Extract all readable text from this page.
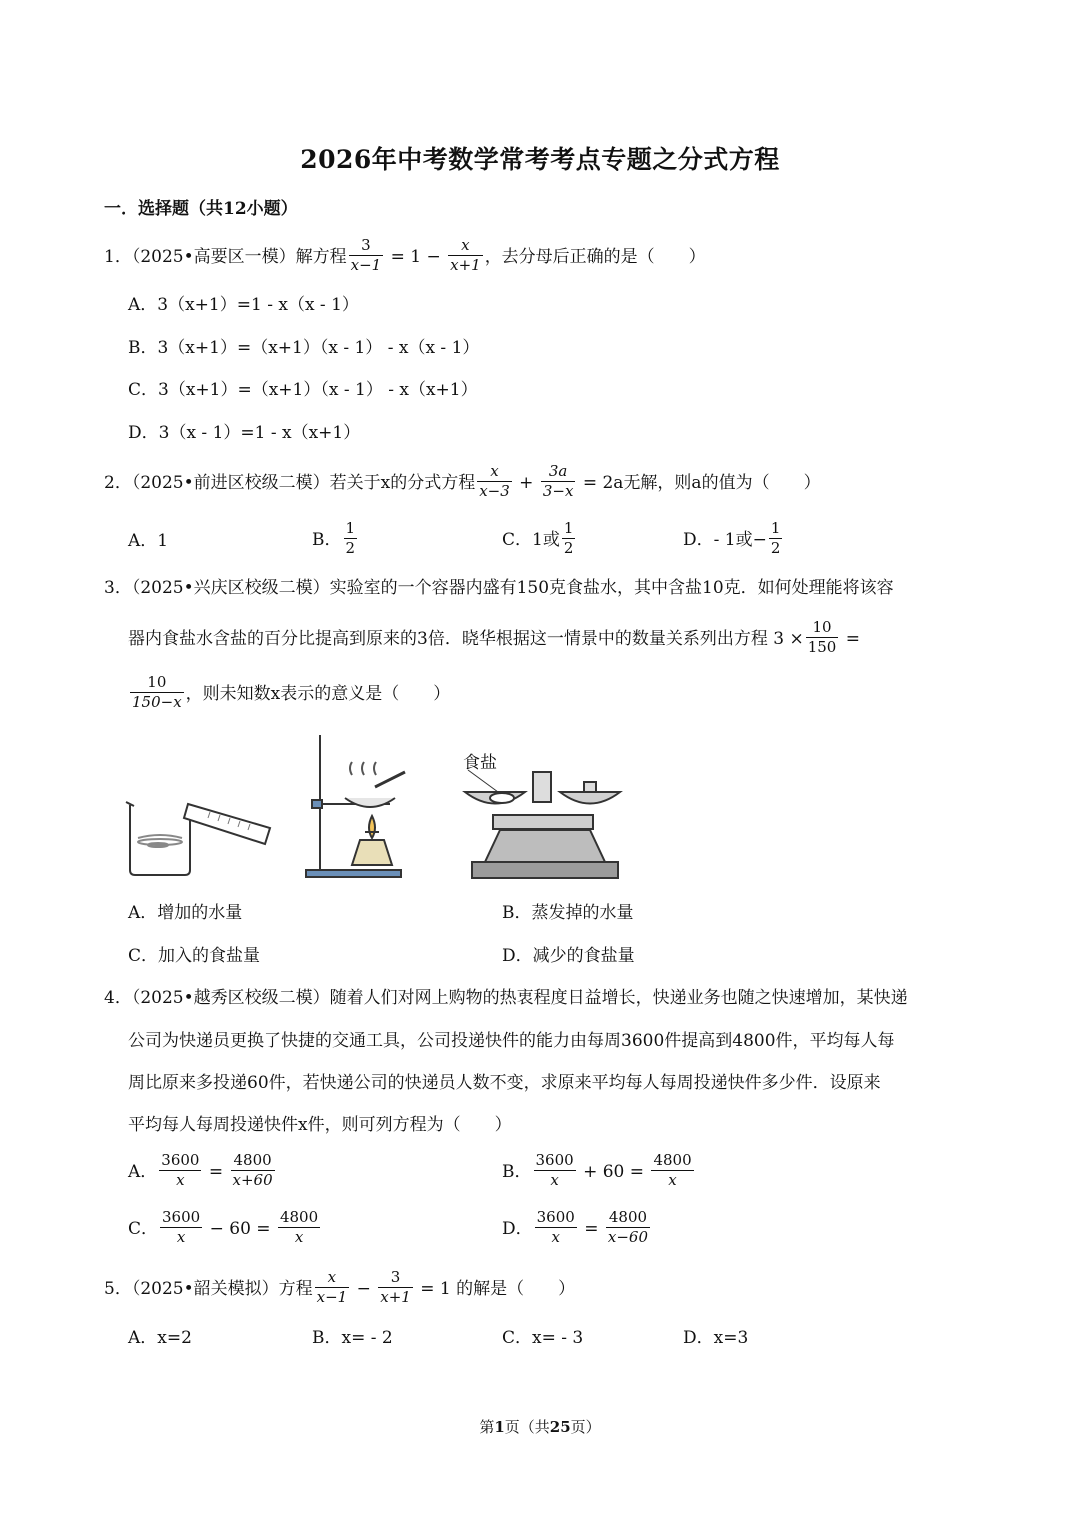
2026年中考数学常考考点专题之分式方程
一．选择题（共12小题）
1．（2025•高要区一模）解方程 $\frac{3}{x-1} = 1 - \frac{x}{x+1}$ ，去分母后正确的是（　　）
A．3（x+1）=1 - x（x - 1）
B．3（x+1）=（x+1）（x - 1） - x（x - 1）
C．3（x+1）=（x+1）（x - 1） - x（x+1）
D．3（x - 1）=1 - x（x+1）
2．（2025•前进区校级二模）若关于x的分式方程 $\frac{x}{x-3} + \frac{3a}{3-x} = 2a$无解，则a的值为（　　）
A．1	B． $\frac{1}{2}$	C．1或 $\frac{1}{2}$	D．- 1或− $\frac{1}{2}$
3．（2025•兴庆区校级二模）实验室的一个容器内盛有150克食盐水，其中含盐10克．如何处理能将该容
器内食盐水含盐的百分比提高到原来的3倍．晓华根据这一情景中的数量关系列出方程 $3 \times \frac{10}{150}$ =
$\frac{10}{150-x}$ ，则未知数x表示的意义是（　　）
食盐
A．增加的水量	B．蒸发掉的水量
C．加入的食盐量	D．减少的食盐量
4．（2025•越秀区校级二模）随着人们对网上购物的热衷程度日益增长，快递业务也随之快速增加，某快递
公司为快递员更换了快捷的交通工具，公司投递快件的能力由每周3600件提高到4800件，平均每人每
周比原来多投递60件，若快递公司的快递员人数不变，求原来平均每人每周投递快件多少件．设原来
平均每人每周投递快件x件，则可列方程为（　　）
A． $\frac{3600}{x} = \frac{4800}{x+60}$	B． $\frac{3600}{x} + 60 = \frac{4800}{x}$
C． $\frac{3600}{x} - 60 = \frac{4800}{x}$	D． $\frac{3600}{x} = \frac{4800}{x-60}$
5．（2025•韶关模拟）方程 $\frac{x}{x-1} - \frac{3}{x+1} = 1$ 的解是（　　）
A．x=2	B．x= - 2	C．x= - 3	D．x=3
第1页（共25页）
